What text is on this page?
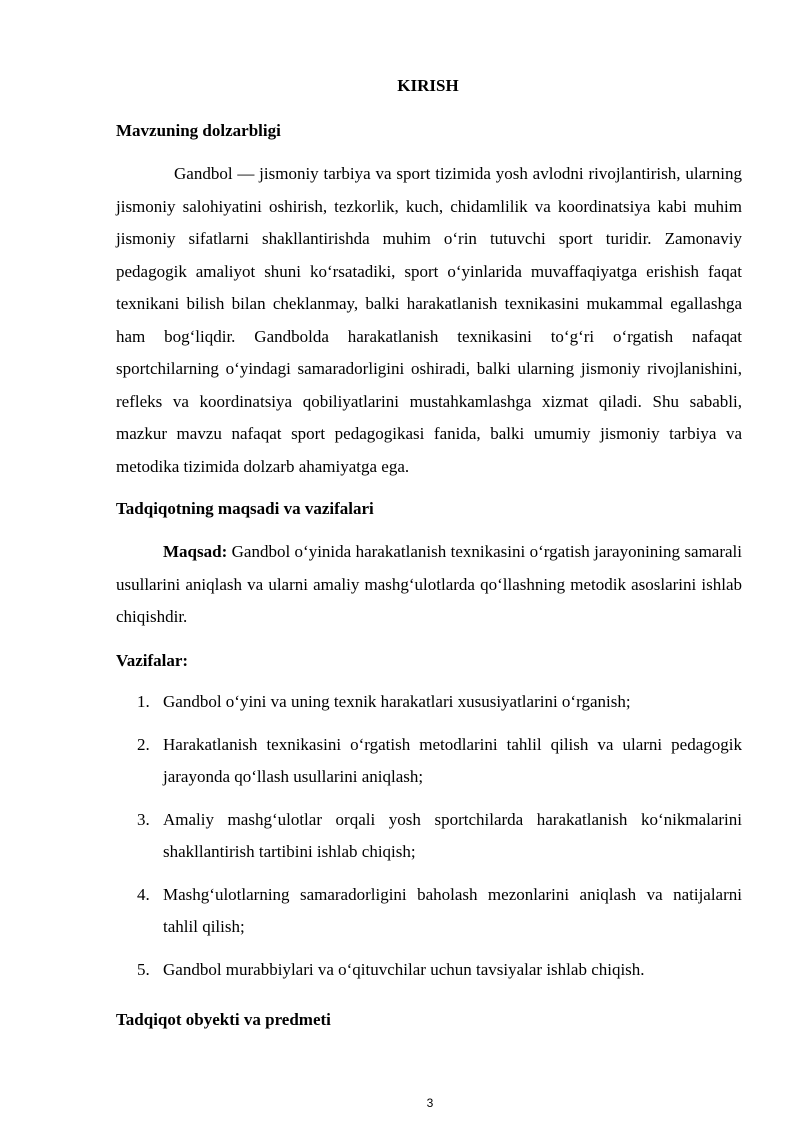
KIRISH
Mavzuning dolzarbligi

Gandbol — jismoniy tarbiya va sport tizimida yosh avlodni rivojlantirish, ularning jismoniy salohiyatini oshirish, tezkorlik, kuch, chidamlilik va koordinatsiya kabi muhim jismoniy sifatlarni shakllantirishda muhim oʻrin tutuvchi sport turidir. Zamonaviy pedagogik amaliyot shuni koʻrsatadiki, sport oʻyinlarida muvaffaqiyatga erishish faqat texnikani bilish bilan cheklanmay, balki harakatlanish texnikasini mukammal egallashga ham bogʻliqdir. Gandbolda harakatlanish texnikasini toʻgʻri oʻrgatish nafaqat sportchilarning oʻyindagi samaradorligini oshiradi, balki ularning jismoniy rivojlanishini, refleks va koordinatsiya qobiliyatlarini mustahkamlashga xizmat qiladi. Shu sababli, mazkur mavzu nafaqat sport pedagogikasi fanida, balki umumiy jismoniy tarbiya va metodika tizimida dolzarb ahamiyatga ega.

Tadqiqotning maqsadi va vazifalari

Maqsad: Gandbol oʻyinida harakatlanish texnikasini oʻrgatish jarayonining samarali usullarini aniqlash va ularni amaliy mashgʻulotlarda qoʻllashning metodik asoslarini ishlab chiqishdir.

Vazifalar:
1. Gandbol oʻyini va uning texnik harakatlari xususiyatlarini oʻrganish;
2. Harakatlanish texnikasini oʻrgatish metodlarini tahlil qilish va ularni pedagogik jarayonda qoʻllash usullarini aniqlash;
3. Amaliy mashgʻulotlar orqali yosh sportchilarda harakatlanish koʻnikmalarini shakllantirish tartibini ishlab chiqish;
4. Mashgʻulotlarning samaradorligini baholash mezonlarini aniqlash va natijalarni tahlil qilish;
5. Gandbol murabbiylari va oʻqituvchilar uchun tavsiyalar ishlab chiqish.
Tadqiqot obyekti va predmeti
3
